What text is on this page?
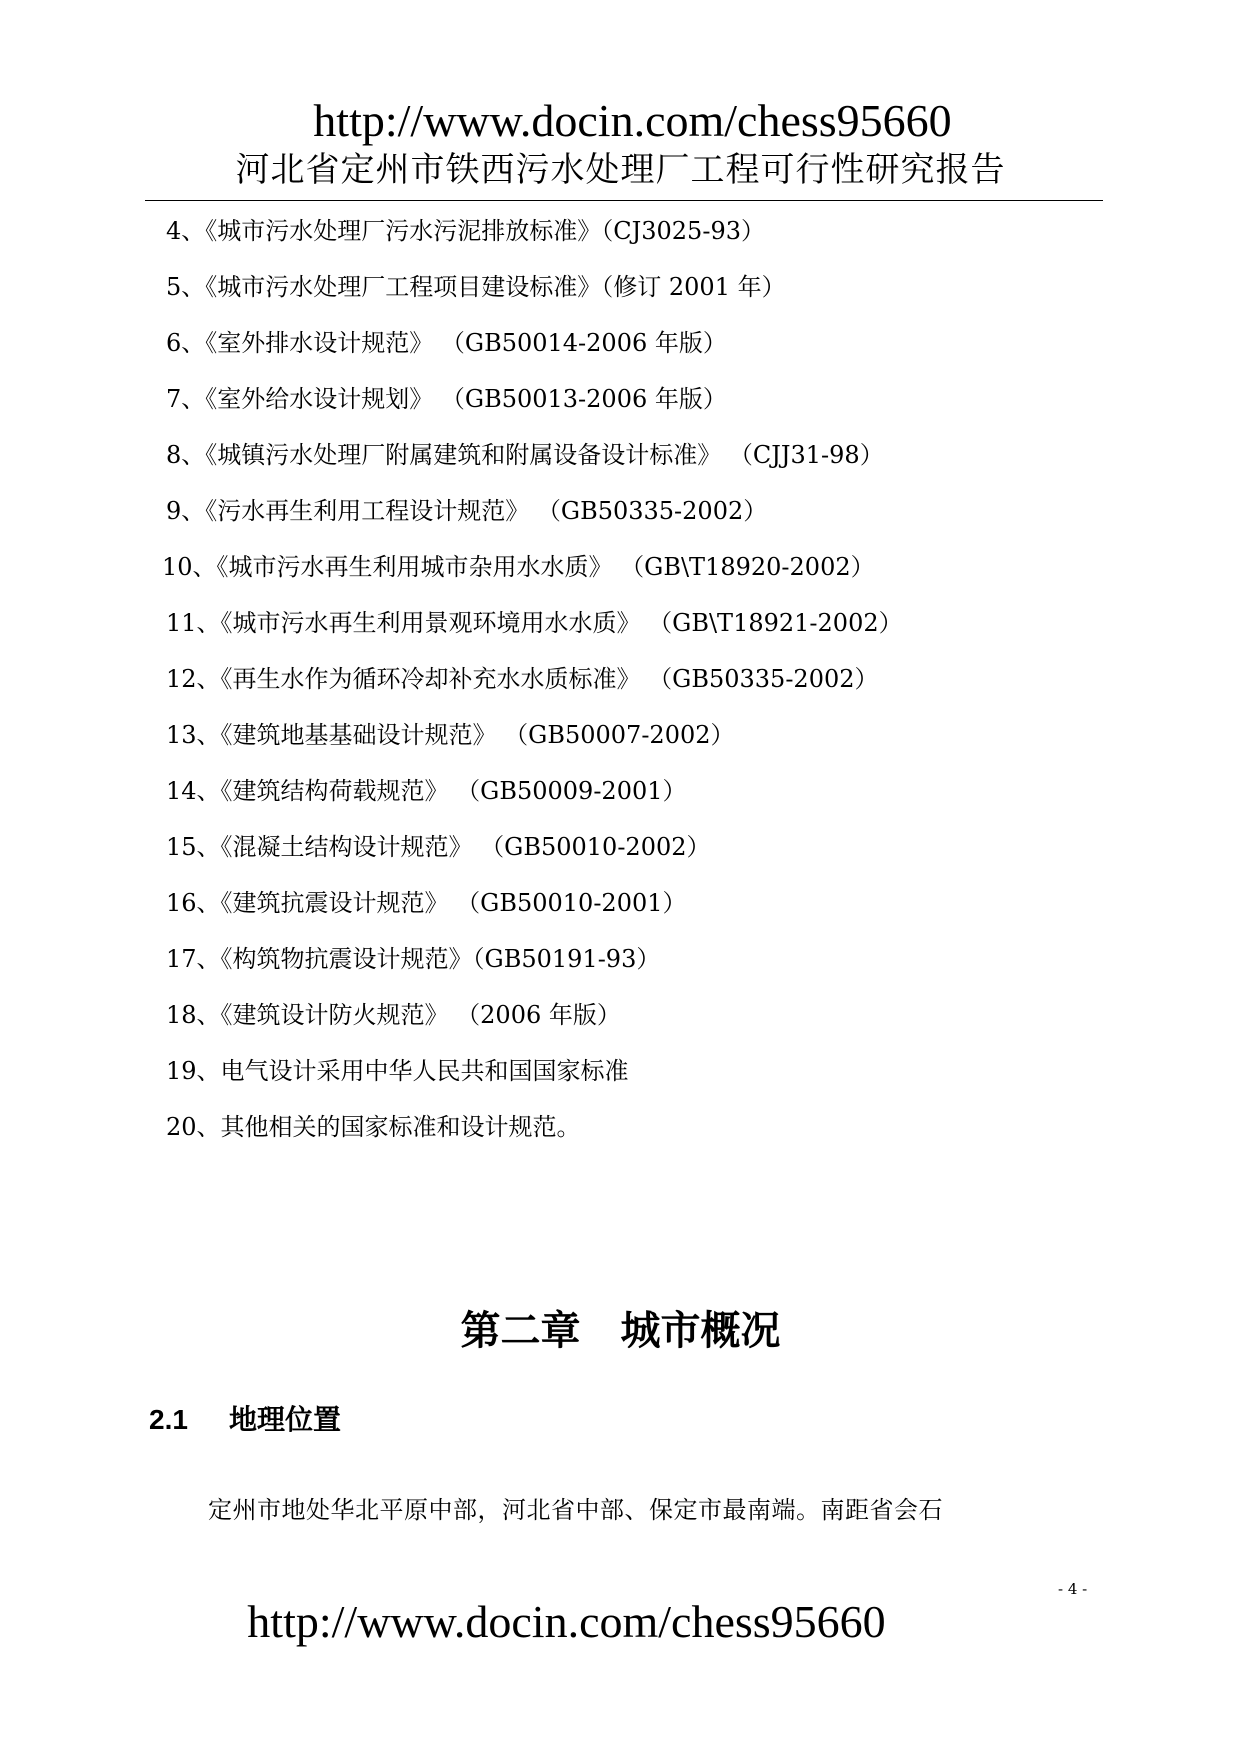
http://www.docin.com/chess95660
河北省定州市铁西污水处理厂工程可行性研究报告
4、《城市污水处理厂污水污泥排放标准》（CJ3025-93）
5、《城市污水处理厂工程项目建设标准》（修订 2001 年）
6、《室外排水设计规范》 （GB50014-2006 年版）
7、《室外给水设计规划》 （GB50013-2006 年版）
8、《城镇污水处理厂附属建筑和附属设备设计标准》 （CJJ31-98）
9、《污水再生利用工程设计规范》 （GB50335-2002）
10、《城市污水再生利用城市杂用水水质》 （GB\T18920-2002）
11、《城市污水再生利用景观环境用水水质》 （GB\T18921-2002）
12、《再生水作为循环冷却补充水水质标准》 （GB50335-2002）
13、《建筑地基基础设计规范》 （GB50007-2002）
14、《建筑结构荷载规范》 （GB50009-2001）
15、《混凝土结构设计规范》 （GB50010-2002）
16、《建筑抗震设计规范》 （GB50010-2001）
17、《构筑物抗震设计规范》（GB50191-93）
18、《建筑设计防火规范》 （2006 年版）
19、电气设计采用中华人民共和国国家标准
20、其他相关的国家标准和设计规范。
第二章　城市概况
2.1 地理位置
定州市地处华北平原中部，河北省中部、保定市最南端。南距省会石
- 4 -
http://www.docin.com/chess95660
